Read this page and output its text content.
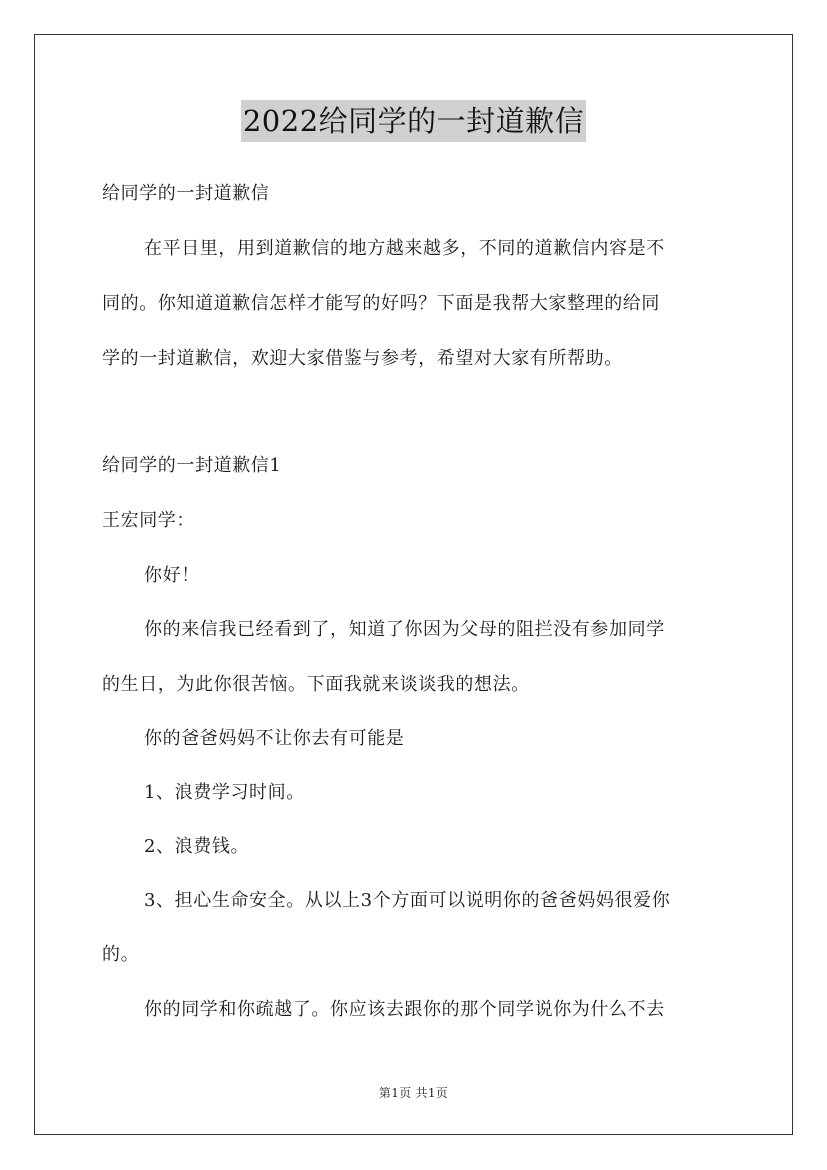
2022给同学的一封道歉信
给同学的一封道歉信
在平日里，用到道歉信的地方越来越多，不同的道歉信内容是不
同的。你知道道歉信怎样才能写的好吗？下面是我帮大家整理的给同
学的一封道歉信，欢迎大家借鉴与参考，希望对大家有所帮助。
给同学的一封道歉信1
王宏同学：
你好！
你的来信我已经看到了，知道了你因为父母的阻拦没有参加同学
的生日，为此你很苦恼。下面我就来谈谈我的想法。
你的爸爸妈妈不让你去有可能是
1、浪费学习时间。
2、浪费钱。
3、担心生命安全。从以上3个方面可以说明你的爸爸妈妈很爱你
的。
你的同学和你疏越了。你应该去跟你的那个同学说你为什么不去
第1页 共1页
